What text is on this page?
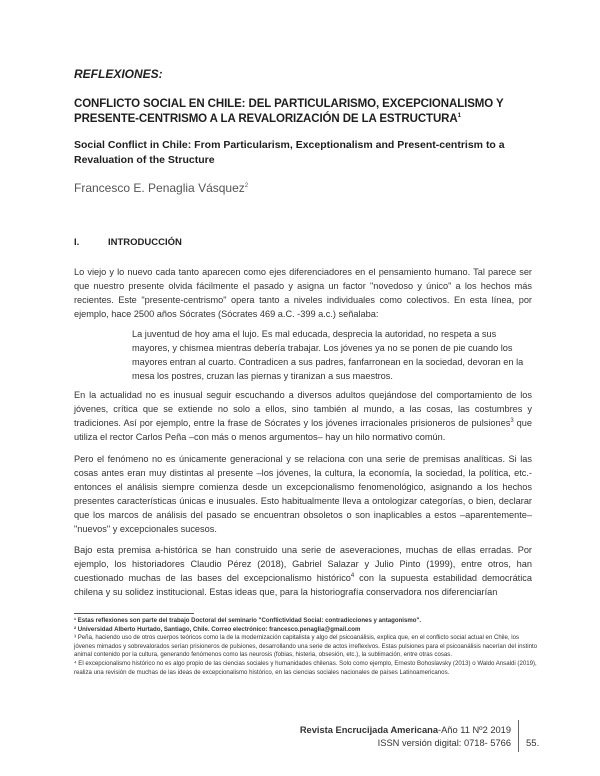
REFLEXIONES:
CONFLICTO SOCIAL EN CHILE: DEL PARTICULARISMO, EXCEPCIONALISMO Y PRESENTE-CENTRISMO A LA REVALORIZACIÓN DE LA ESTRUCTURA$^1$
Social Conflict in Chile: From Particularism, Exceptionalism and Present-centrism to a Revaluation of the Structure
Francesco E. Penaglia Vásquez$^2$
I.	INTRODUCCIÓN

Lo viejo y lo nuevo cada tanto aparecen como ejes diferenciadores en el pensamiento humano. Tal parece ser que nuestro presente olvida fácilmente el pasado y asigna un factor "novedoso y único" a los hechos más recientes. Este "presente-centrismo" opera tanto a niveles individuales como colectivos. En esta línea, por ejemplo, hace 2500 años Sócrates (Sócrates 469 a.C. -399 a.c.) señalaba:

La juventud de hoy ama el lujo. Es mal educada, desprecia la autoridad, no respeta a sus mayores, y chismea mientras debería trabajar. Los jóvenes ya no se ponen de pie cuando los mayores entran al cuarto. Contradicen a sus padres, fanfarronean en la sociedad, devoran en la mesa los postres, cruzan las piernas y tiranizan a sus maestros.

En la actualidad no es inusual seguir escuchando a diversos adultos quejándose del comportamiento de los jóvenes, crítica que se extiende no solo a ellos, sino también al mundo, a las cosas, las costumbres y tradiciones. Así por ejemplo, entre la frase de Sócrates y los jóvenes irracionales prisioneros de pulsiones$^3$ que utiliza el rector Carlos Peña –con más o menos argumentos– hay un hilo normativo común.

Pero el fenómeno no es únicamente generacional y se relaciona con una serie de premisas analíticas. Si las cosas antes eran muy distintas al presente –los jóvenes, la cultura, la economía, la sociedad, la política, etc.- entonces el análisis siempre comienza desde un excepcionalismo fenomenológico, asignando a los hechos presentes características únicas e inusuales. Esto habitualmente lleva a ontologizar categorías, o bien, declarar que los marcos de análisis del pasado se encuentran obsoletos o son inaplicables a estos –aparentemente– "nuevos" y excepcionales sucesos.

Bajo esta premisa a-histórica se han construido una serie de aseveraciones, muchas de ellas erradas. Por ejemplo, los historiadores Claudio Pérez (2018), Gabriel Salazar y Julio Pinto (1999), entre otros, han cuestionado muchas de las bases del excepcionalismo histórico$^4$ con la supuesta estabilidad democrática chilena y su solidez institucional. Estas ideas que, para la historiografía conservadora nos diferenciarían

¹ Estas reflexiones son parte del trabajo Doctoral del seminario "Conflictividad Social: contradicciones y antagonismo".

² Universidad Alberto Hurtado, Santiago, Chile. Correo electrónico: francesco.penaglia@gmail.com

³ Peña, haciendo uso de otros cuerpos teóricos como la de la modernización capitalista y algo del psicoanálisis, explica que, en el conflicto social actual en Chile, los jóvenes mimados y sobrevalorados serían prisioneros de pulsiones, desarrollando una serie de actos irreflexivos. Estas pulsiones para el psicoanálisis nacerían del instinto animal contenido por la cultura, generando fenómenos como las neurosis (fobias, histeria, obsesión, etc.), la sublimación, entre otras cosas.

⁴ El excepcionalismo histórico no es algo propio de las ciencias sociales y humanidades chilenas. Solo como ejemplo, Ernesto Bohoslavsky (2013) o Waldo Ansaldi (2019), realiza una revisión de muchas de las ideas de excepcionalismo histórico, en las ciencias sociales nacionales de países Latinoamericanos.

Revista Encrucijada Americana-Año 11 Nº2 2019
ISSN versión digital: 0718- 5766 55.
